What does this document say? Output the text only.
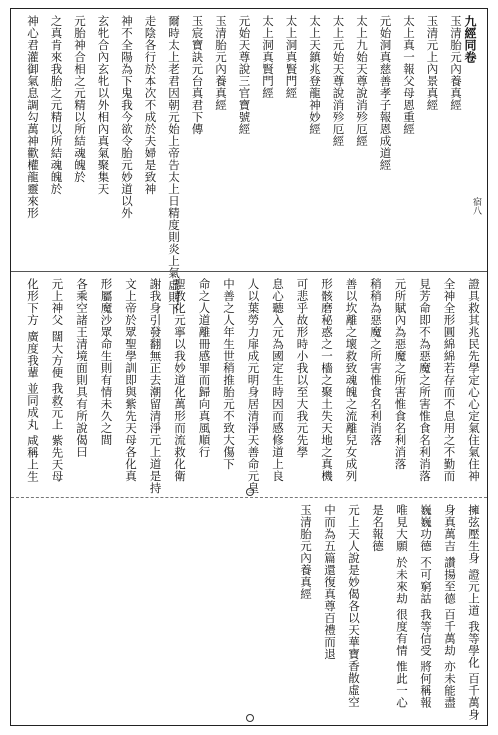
九經同卷
宿八
玉清胎元內養真經
玉清元上內景真經
太上真一報父母恩重經
元始洞真慈善孝子報恩成道經
太上九始天尊說消殄厄經
太上元始天尊說消殄厄經
太上天鎮兆登龍神妙經
太上洞真賢門經
太上洞真賢門經
元始天尊說三官寶號經
玉清胎元內養真經
玉宸寶訣元台真君下傳
爾時太上老君因朝元始上帝告太上日精度則炎上氣虛則下
走陰各行於本次不成於夫婦是致神
神不全陽為下鬼我今欲令胎元妙道以外
玄牝合內玄牝以外相內真氣聚集天
元胎神合相之元精以所結魂魄於
之真肯來我胎之元精以所結魂魄於
神心君灌御氣息調勾萬神歡權龍靈來形
證具救其兆民先學定心心定氣住氣住神
全神全形圓綿綿若存而不息用之不勤而
見芳命即不為惡魔之所害惟食名利消落
元所賦內為惡魔之所害惟食名利消落
稍稍為惡魔之所害惟食名利消落
善以坎離之壞救致魂魄之流離兒女成列
形骸磨秘惑之一檣之聚土失天地之真機
可悲乎故形時小我以至大我元先學
息心聽入元為國定生時因而感修道上良
人以葉勞力扉成元明身居清淨天善命元皇
中善之人年生世稍推胎元不致大傷下
命之人道離冊感罪而歸向真風順行
聖教化元寧以我妙道化萬形而流救化衛
謝我身引發翻無正去潮留清淨元上道是持
文上帝於眾聖學訓即與紫先天母各化真
形屬魔沙眾命生則有情未久之間
各乘空諸王清境面則具有所說偈曰
元上神父 闊大方便 我救元上 紫先天母
化形下方 廣度我輩 並同成丸 咸稱上生
擁弦壓生身 證元上道 我等學化 百千萬身
身真萬吉 讚揚至德 百千萬劫 亦未能盡
巍巍功德 不可窮詁 我等信受 將何稱報
唯見大願 於未來劫 很度有情 惟此一心
是名報德
元上天人說是妙偈各以天華寶香散虛空
中而為五篇還復真尊百禮而退
玉清胎元內養真經
